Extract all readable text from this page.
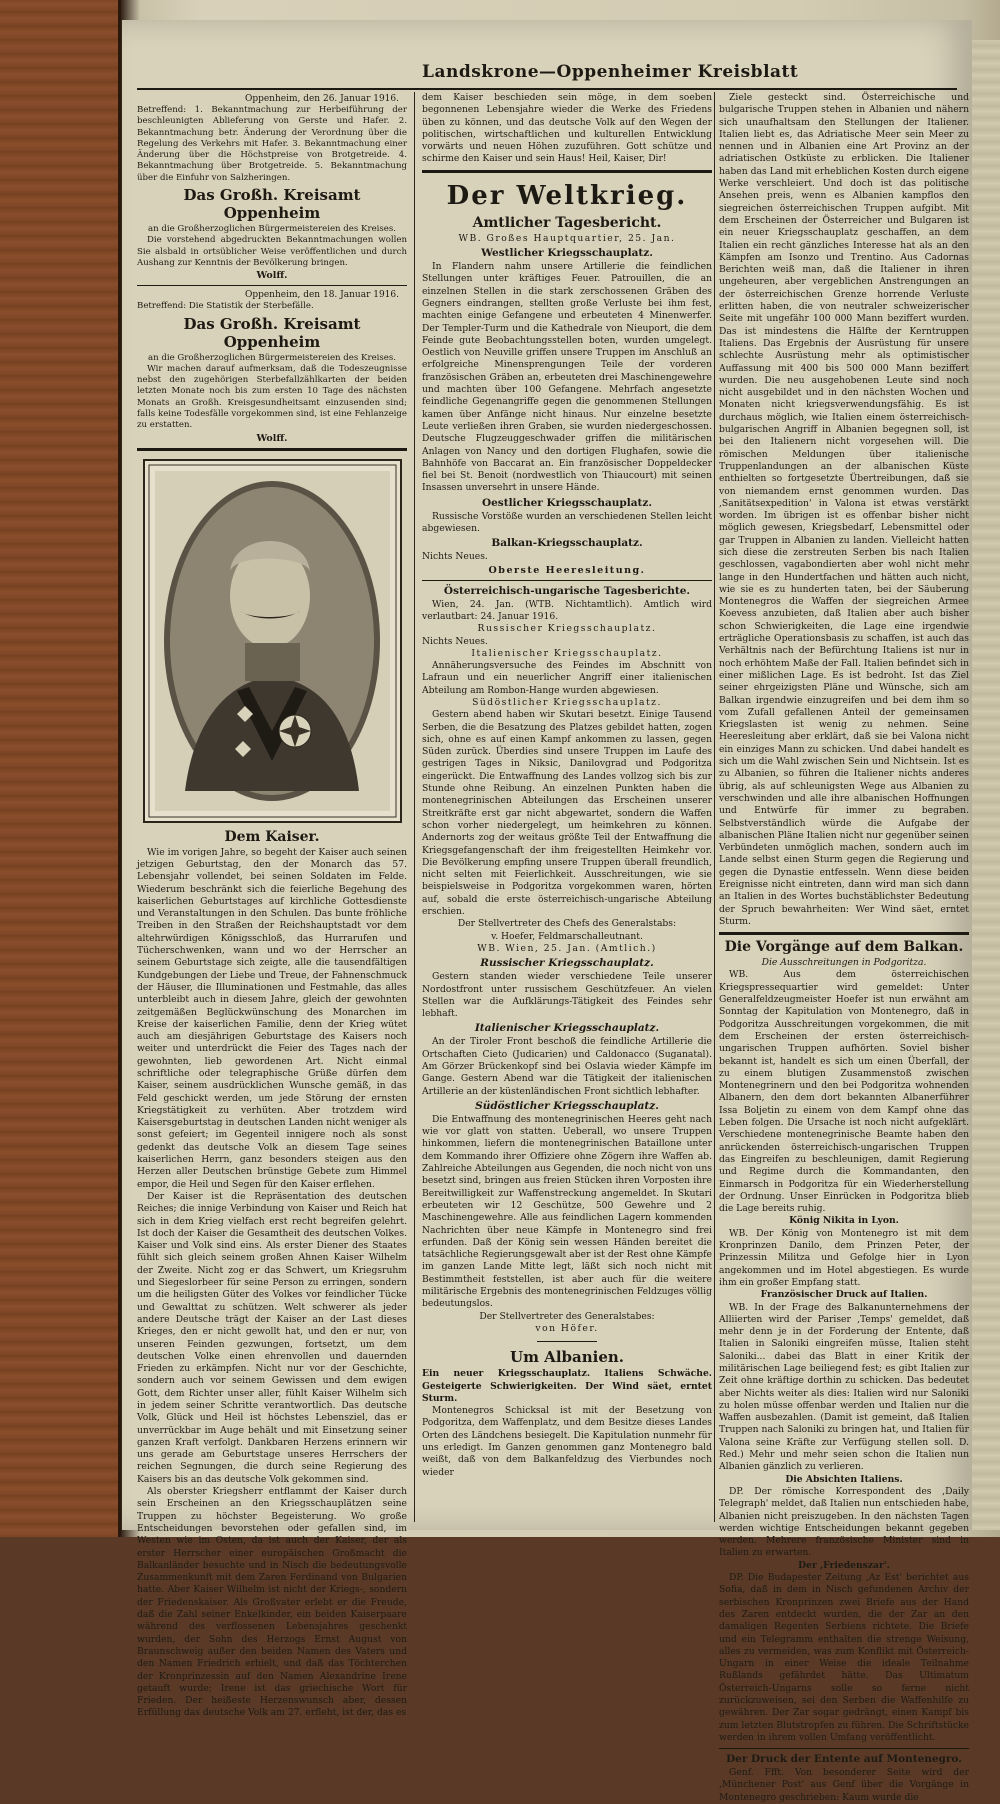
Landskrone—Oppenheimer Kreisblatt
Oppenheim, den 26. Januar 1916.

Betreffend: 1. Bekanntmachung zur Herbeiführung der beschleunigten Ablieferung von Gerste und Hafer. 2. Bekanntmachung betr. Änderung der Verordnung über die Regelung des Verkehrs mit Hafer. 3. Bekanntmachung einer Änderung über die Höchstpreise von Brotgetreide. 4. Bekanntmachung über Brotgetreide. 5. Bekanntmachung über die Einfuhr von Salzheringen.

Das Großh. Kreisamt Oppenheim
an die Großherzoglichen Bürgermeistereien des Kreises.

Die vorstehend abgedruckten Bekanntmachungen wollen Sie alsbald in ortsüblicher Weise veröffentlichen und durch Aushang zur Kenntnis der Bevölkerung bringen.

Wolff.
Oppenheim, den 18. Januar 1916.

Betreffend: Die Statistik der Sterbefälle.

Das Großh. Kreisamt Oppenheim
an die Großherzoglichen Bürgermeistereien des Kreises.

Wir machen darauf aufmerksam, daß die Todeszeugnisse nebst den zugehörigen Sterbefallzählkarten der beiden letzten Monate noch bis zum ersten 10 Tage des nächsten Monats an Großh. Kreisgesundheitsamt einzusenden sind; falls keine Todesfälle vorgekommen sind, ist eine Fehlanzeige zu erstatten.

Wolff.
Dem Kaiser.

Wie im vorigen Jahre, so begeht der Kaiser auch seinen jetzigen Geburtstag, den der Monarch das 57. Lebensjahr vollendet, bei seinen Soldaten im Felde. Wiederum beschränkt sich die feierliche Begehung des kaiserlichen Geburtstages auf kirchliche Gottesdienste und Veranstaltungen in den Schulen. Das bunte fröhliche Treiben in den Straßen der Reichshauptstadt vor dem altehrwürdigen Königsschloß, das Hurrarufen und Tücherschwenken, wann und wo der Herrscher an seinem Geburtstage sich zeigte, alle die tausendfältigen Kundgebungen der Liebe und Treue, der Fahnenschmuck der Häuser, die Illuminationen und Festmahle, das alles unterbleibt auch in diesem Jahre, gleich der gewohnten zeitgemäßen Beglückwünschung des Monarchen im Kreise der kaiserlichen Familie, denn der Krieg wütet auch am diesjährigen Geburtstage des Kaisers noch weiter und unterdrückt die Feier des Tages nach der gewohnten, lieb gewordenen Art. Nicht einmal schriftliche oder telegraphische Grüße dürfen dem Kaiser, seinem ausdrücklichen Wunsche gemäß, in das Feld geschickt werden, um jede Störung der ernsten Kriegstätigkeit zu verhüten. Aber trotzdem wird Kaisersgeburtstag in deutschen Landen nicht weniger als sonst gefeiert; im Gegenteil innigere noch als sonst gedenkt das deutsche Volk an diesem Tage seines kaiserlichen Herrn, ganz besonders steigen aus den Herzen aller Deutschen brünstige Gebete zum Himmel empor, die Heil und Segen für den Kaiser erflehen.

Der Kaiser ist die Repräsentation des deutschen Reiches; die innige Verbindung von Kaiser und Reich hat sich in dem Krieg vielfach erst recht begreifen gelehrt. Ist doch der Kaiser die Gesamtheit des deutschen Volkes. Kaiser und Volk sind eins. Als erster Diener des Staates fühlt sich gleich seinem großen Ahnen Kaiser Wilhelm der Zweite. Nicht zog er das Schwert, um Kriegsruhm und Siegeslorbeer für seine Person zu erringen, sondern um die heiligsten Güter des Volkes vor feindlicher Tücke und Gewalttat zu schützen. Welt schwerer als jeder andere Deutsche trägt der Kaiser an der Last dieses Krieges, den er nicht gewollt hat, und den er nur, von unseren Feinden gezwungen, fortsetzt, um dem deutschen Volke einen ehrenvollen und dauernden Frieden zu erkämpfen. Nicht nur vor der Geschichte, sondern auch vor seinem Gewissen und dem ewigen Gott, dem Richter unser aller, fühlt Kaiser Wilhelm sich in jedem seiner Schritte verantwortlich. Das deutsche Volk, Glück und Heil ist höchstes Lebensziel, das er unverrückbar im Auge behält und mit Einsetzung seiner ganzen Kraft verfolgt. Dankbaren Herzens erinnern wir uns gerade am Geburtstage unseres Herrschers der reichen Segnungen, die durch seine Regierung des Kaisers bis an das deutsche Volk gekommen sind.

Als oberster Kriegsherr entflammt der Kaiser durch sein Erscheinen an den Kriegsschauplätzen seine Truppen zu höchster Begeisterung. Wo große Entscheidungen bevorstehen oder gefallen sind, im Westen wie im Osten, da ist auch der Kaiser, der als erster Herrscher einer europäischen Großmacht die Balkanländer besuchte und in Nisch die bedeutungsvolle Zusammenkunft mit dem Zaren Ferdinand von Bulgarien hatte. Aber Kaiser Wilhelm ist nicht der Kriegs-, sondern der Friedenskaiser. Als Großvater erlebt er die Freude, daß die Zahl seiner Enkelkinder, ein beiden Kaiserpaare während des verflossenen Lebensjahres geschenkt wurden, der Sohn des Herzogs Ernst August von Braunschweig außer den beiden Namen des Vaters und den Namen Friedrich erhielt, und daß das Töchterchen der Kronprinzessin auf den Namen Alexandrine Irene getauft wurde; Irene ist das griechische Wort für Frieden. Der heißeste Herzenswunsch aber, dessen Erfüllung das deutsche Volk am 27. erfleht, ist der, das es

dem Kaiser beschieden sein möge, in dem soeben begonnenen Lebensjahre wieder die Werke des Friedens üben zu können, und das deutsche Volk auf den Wegen der politischen, wirtschaftlichen und kulturellen Entwicklung vorwärts und neuen Höhen zuzuführen. Gott schütze und schirme den Kaiser und sein Haus! Heil, Kaiser, Dir!

Der Weltkrieg.
Amtlicher Tagesbericht.
WB. Großes Hauptquartier, 25. Jan.
Westlicher Kriegsschauplatz.

In Flandern nahm unsere Artillerie die feindlichen Stellungen unter kräftiges Feuer. Patrouillen, die an einzelnen Stellen in die stark zerschossenen Gräben des Gegners eindrangen, stellten große Verluste bei ihm fest, machten einige Gefangene und erbeuteten 4 Minenwerfer. Der Templer-Turm und die Kathedrale von Nieuport, die dem Feinde gute Beobachtungsstellen boten, wurden umgelegt. Oestlich von Neuville griffen unsere Truppen im Anschluß an erfolgreiche Minensprengungen Teile der vorderen französischen Gräben an, erbeuteten drei Maschinengewehre und machten über 100 Gefangene. Mehrfach angesetzte feindliche Gegenangriffe gegen die genommenen Stellungen kamen über Anfänge nicht hinaus. Nur einzelne besetzte Leute verließen ihren Graben, sie wurden niedergeschossen. Deutsche Flugzeuggeschwader griffen die militärischen Anlagen von Nancy und den dortigen Flughafen, sowie die Bahnhöfe von Baccarat an. Ein französischer Doppeldecker fiel bei St. Benoit (nordwestlich von Thiaucourt) mit seinen Insassen unversehrt in unsere Hände.

Oestlicher Kriegsschauplatz.

Russische Vorstöße wurden an verschiedenen Stellen leicht abgewiesen.

Balkan-Kriegsschauplatz.

Nichts Neues.

Oberste Heeresleitung.
Österreichisch-ungarische Tagesberichte.

Wien, 24. Jan. (WTB. Nichtamtlich). Amtlich wird verlautbart: 24. Januar 1916.

Russischer Kriegsschauplatz.

Nichts Neues.

Italienischer Kriegsschauplatz.

Annäherungsversuche des Feindes im Abschnitt von Lafraun und ein neuerlicher Angriff einer italienischen Abteilung am Rombon-Hange wurden abgewiesen.

Südöstlicher Kriegsschauplatz.

Gestern abend haben wir Skutari besetzt. Einige Tausend Serben, die die Besatzung des Platzes gebildet hatten, zogen sich, ohne es auf einen Kampf ankommen zu lassen, gegen Süden zurück. Überdies sind unsere Truppen im Laufe des gestrigen Tages in Niksic, Danilovgrad und Podgoritza eingerückt. Die Entwaffnung des Landes vollzog sich bis zur Stunde ohne Reibung. An einzelnen Punkten haben die montenegrinischen Abteilungen das Erscheinen unserer Streitkräfte erst gar nicht abgewartet, sondern die Waffen schon vorher niedergelegt, um heimkehren zu können. Andernorts zog der weitaus größte Teil der Entwaffnung die Kriegsgefangenschaft der ihm freigestellten Heimkehr vor. Die Bevölkerung empfing unsere Truppen überall freundlich, nicht selten mit Feierlichkeit. Ausschreitungen, wie sie beispielsweise in Podgoritza vorgekommen waren, hörten auf, sobald die erste österreichisch-ungarische Abteilung erschien.

Der Stellvertreter des Chefs des Generalstabs:
v. Hoefer, Feldmarschalleutnant.
WB. Wien, 25. Jan. (Amtlich.)
Russischer Kriegsschauplatz.

Gestern standen wieder verschiedene Teile unserer Nordostfront unter russischem Geschützfeuer. An vielen Stellen war die Aufklärungs-Tätigkeit des Feindes sehr lebhaft.

Italienischer Kriegsschauplatz.

An der Tiroler Front beschoß die feindliche Artillerie die Ortschaften Cieto (Judicarien) und Caldonacco (Suganatal). Am Görzer Brückenkopf sind bei Oslavia wieder Kämpfe im Gange. Gestern Abend war die Tätigkeit der italienischen Artillerie an der küstenländischen Front sichtlich lebhafter.

Südöstlicher Kriegsschauplatz.

Die Entwaffnung des montenegrinischen Heeres geht nach wie vor glatt von statten. Ueberall, wo unsere Truppen hinkommen, liefern die montenegrinischen Bataillone unter dem Kommando ihrer Offiziere ohne Zögern ihre Waffen ab. Zahlreiche Abteilungen aus Gegenden, die noch nicht von uns besetzt sind, bringen aus freien Stücken ihren Vorposten ihre Bereitwilligkeit zur Waffenstreckung angemeldet. In Skutari erbeuteten wir 12 Geschütze, 500 Gewehre und 2 Maschinengewehre. Alle aus feindlichen Lagern kommenden Nachrichten über neue Kämpfe in Montenegro sind frei erfunden. Daß der König sein wessen Händen bereitet die tatsächliche Regierungsgewalt aber ist der Rest ohne Kämpfe im ganzen Lande Mitte legt, läßt sich noch nicht mit Bestimmtheit feststellen, ist aber auch für die weitere militärische Ergebnis des montenegrinischen Feldzuges völlig bedeutungslos.

Der Stellvertreter des Generalstabes:
von Höfer.
Um Albanien.

Ein neuer Kriegsschauplatz. Italiens Schwäche. Gesteigerte Schwierigkeiten. Der Wind säet, erntet Sturm.

Montenegros Schicksal ist mit der Besetzung von Podgoritza, dem Waffenplatz, und dem Besitze dieses Landes Orten des Ländchens besiegelt. Die Kapitulation nunmehr für uns erledigt. Im Ganzen genommen ganz Montenegro bald weißt, daß von dem Balkanfeldzug des Vierbundes noch wieder

Ziele gesteckt sind. Österreichische und bulgarische Truppen stehen in Albanien und nähern sich unaufhaltsam den Stellungen der Italiener. Italien liebt es, das Adriatische Meer sein Meer zu nennen und in Albanien eine Art Provinz an der adriatischen Ostküste zu erblicken. Die Italiener haben das Land mit erheblichen Kosten durch eigene Werke verschleiert. Und doch ist das politische Ansehen preis, wenn es Albanien kampflos den siegreichen österreichischen Truppen aufgibt. Mit dem Erscheinen der Österreicher und Bulgaren ist ein neuer Kriegsschauplatz geschaffen, an dem Italien ein recht gänzliches Interesse hat als an den Kämpfen am Isonzo und Trentino. Aus Cadornas Berichten weiß man, daß die Italiener in ihren ungeheuren, aber vergeblichen Anstrengungen an der österreichischen Grenze horrende Verluste erlitten haben, die von neutraler schweizerischer Seite mit ungefähr 100 000 Mann beziffert wurden. Das ist mindestens die Hälfte der Kerntruppen Italiens. Das Ergebnis der Ausrüstung für unsere schlechte Ausrüstung mehr als optimistischer Auffassung mit 400 bis 500 000 Mann beziffert wurden. Die neu ausgehobenen Leute sind noch nicht ausgebildet und in den nächsten Wochen und Monaten nicht kriegsverwendungsfähig. Es ist durchaus möglich, wie Italien einem österreichisch-bulgarischen Angriff in Albanien begegnen soll, ist bei den Italienern nicht vorgesehen will. Die römischen Meldungen über italienische Truppenlandungen an der albanischen Küste enthielten so fortgesetzte Übertreibungen, daß sie von niemandem ernst genommen wurden. Das ,Sanitätsexpedition' in Valona ist etwas verstärkt worden. Im übrigen ist es offenbar bisher nicht möglich gewesen, Kriegsbedarf, Lebensmittel oder gar Truppen in Albanien zu landen. Vielleicht hatten sich diese die zerstreuten Serben bis nach Italien geschlossen, vagabondierten aber wohl nicht mehr lange in den Hundertfachen und hätten auch nicht, wie sie es zu hunderten taten, bei der Säuberung Montenegros die Waffen der siegreichen Armee Koevess anzubieten, daß Italien aber auch bisher schon Schwierigkeiten, die Lage eine irgendwie erträgliche Operationsbasis zu schaffen, ist auch das Verhältnis nach der Befürchtung Italiens ist nur in noch erhöhtem Maße der Fall. Italien befindet sich in einer mißlichen Lage. Es ist bedroht. Ist das Ziel seiner ehrgeizigsten Pläne und Wünsche, sich am Balkan irgendwie einzugreifen und bei dem ihm so vom Zufall gefallenen Anteil der gemeinsamen Kriegslasten ist wenig zu nehmen. Seine Heeresleitung aber erklärt, daß sie bei Valona nicht ein einziges Mann zu schicken. Und dabei handelt es sich um die Wahl zwischen Sein und Nichtsein. Ist es zu Albanien, so führen die Italiener nichts anderes übrig, als auf schleunigsten Wege aus Albanien zu verschwinden und alle ihre albanischen Hoffnungen und Entwürfe für immer zu begraben. Selbstverständlich würde die Aufgabe der albanischen Pläne Italien nicht nur gegenüber seinen Verbündeten unmöglich machen, sondern auch im Lande selbst einen Sturm gegen die Regierung und gegen die Dynastie entfesseln. Wenn diese beiden Ereignisse nicht eintreten, dann wird man sich dann an Italien in des Wortes buchstäblichster Bedeutung der Spruch bewahrheiten: Wer Wind säet, erntet Sturm.

Die Vorgänge auf dem Balkan.
Die Ausschreitungen in Podgoritza.

WB. Aus dem österreichischen Kriegspressequartier wird gemeldet: Unter Generalfeldzeugmeister Hoefer ist nun erwähnt am Sonntag der Kapitulation von Montenegro, daß in Podgoritza Ausschreitungen vorgekommen, die mit dem Erscheinen der ersten österreichisch-ungarischen Truppen aufhörten. Soviel bisher bekannt ist, handelt es sich um einen Überfall, der zu einem blutigen Zusammenstoß zwischen Montenegrinern und den bei Podgoritza wohnenden Albanern, den dem dort bekannten Albanerführer Issa Boljetin zu einem von dem Kampf ohne das Leben folgen. Die Ursache ist noch nicht aufgeklärt. Verschiedene montenegrinische Beamte haben den anrückenden österreichisch-ungarischen Truppen das Eingreifen zu beschleunigen, damit Regierung und Regime durch die Kommandanten, den Einmarsch in Podgoritza für ein Wiederherstellung der Ordnung. Unser Einrücken in Podgoritza blieb die Lage bereits ruhig.

König Nikita in Lyon.

WB. Der König von Montenegro ist mit dem Kronprinzen Danilo, dem Prinzen Peter, der Prinzessin Militza und Gefolge hier in Lyon angekommen und im Hotel abgestiegen. Es wurde ihm ein großer Empfang statt.

Französischer Druck auf Italien.

WB. In der Frage des Balkanunternehmens der Alliierten wird der Pariser ,Temps' gemeldet, daß mehr denn je in der Forderung der Entente, daß Italien in Saloniki eingreifen müsse, Italien steht Saloniki... dabei das Blatt in einer Kritik der militärischen Lage beiliegend fest; es gibt Italien zur Zeit ohne kräftige dorthin zu schicken. Das bedeutet aber Nichts weiter als dies: Italien wird nur Saloniki zu holen müsse offenbar werden und Italien nur die Waffen ausbezahlen. (Damit ist gemeint, daß Italien Truppen nach Saloniki zu bringen hat, und Italien für Valona seine Kräfte zur Verfügung stellen soll. D. Red.) Mehr und mehr seien schon die Italien nun Albanien gänzlich zu verlieren.

Die Absichten Italiens.

DP. Der römische Korrespondent des ,Daily Telegraph' meldet, daß Italien nun entschieden habe, Albanien nicht preiszugeben. In den nächsten Tagen werden wichtige Entscheidungen bekannt gegeben werden. Mehrere französische Minister sind in Italien zu erwarten.

Der ,Friedenszar'.

DP. Die Budapester Zeitung ,Az Est' berichtet aus Sofia, daß in dem in Nisch gefundenen Archiv der serbischen Kronprinzen zwei Briefe aus der Hand des Zaren entdeckt wurden, die der Zar an den damaligen Regenten Serbiens richtete. Die Briefe und ein Telegramm enthalten die strenge Weisung, alles zu vermeiden, was zum Konflikt mit Österreich-Ungarn in einer Weise die ideale Teilnahme Rußlands gefährdet hätte. Das Ultimatum Österreich-Ungarns solle so ferne nicht zurückzuweisen, sei den Serben die Waffenhilfe zu gewähren. Der Zar sogar gedrängt, einen Kampf bis zum letzten Blutstropfen zu führen. Die Schriftstücke werden in ihrem vollen Umfang veröffentlicht.

Der Druck der Entente auf Montenegro.

Genf. Ffft. Von besonderer Seite wird der ,Münchener Post' aus Genf über die Vorgänge in Montenegro geschrieben: Kaum wurde die
